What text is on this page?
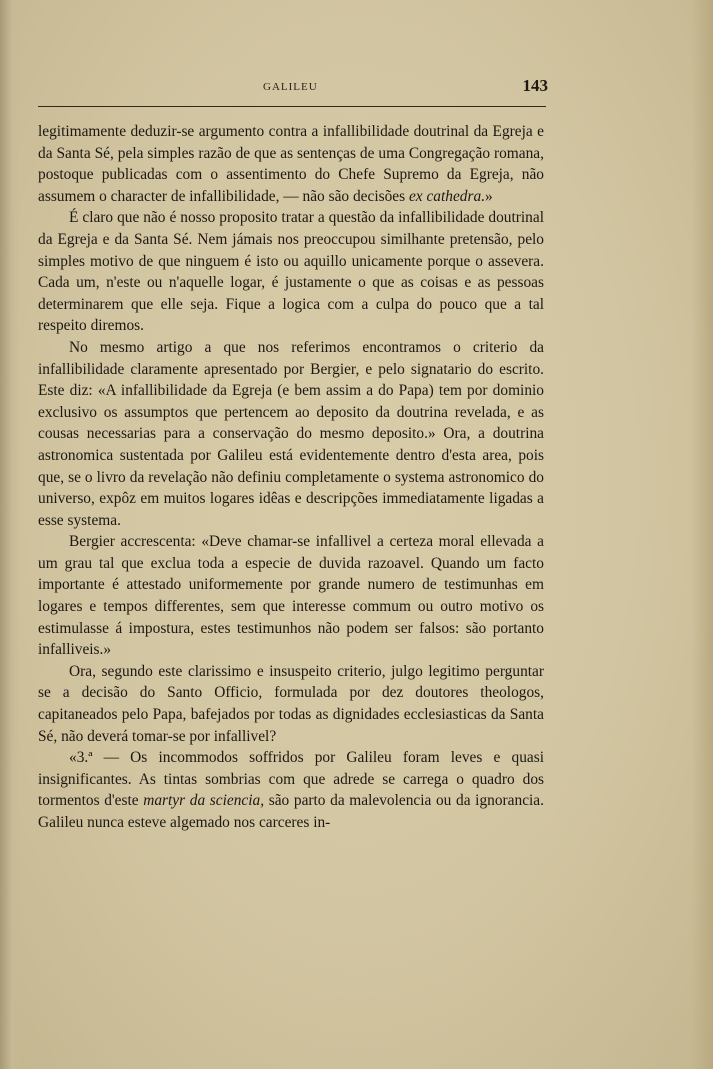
GALILEU	143

legitimamente deduzir-se argumento contra a infallibilidade doutrinal da Egreja e da Santa Sé, pela simples razão de que as sentenças de uma Congregação romana, postoque publicadas com o assentimento do Chefe Supremo da Egreja, não assumem o character de infallibilidade, — não são decisões ex cathedra.»

É claro que não é nosso proposito tratar a questão da infallibilidade doutrinal da Egreja e da Santa Sé. Nem jámais nos preoccupou similhante pretensão, pelo simples motivo de que ninguem é isto ou aquillo unicamente porque o assevera. Cada um, n'este ou n'aquelle logar, é justamente o que as coisas e as pessoas determinarem que elle seja. Fique a logica com a culpa do pouco que a tal respeito diremos.

No mesmo artigo a que nos referimos encontramos o criterio da infallibilidade claramente apresentado por Bergier, e pelo signatario do escrito. Este diz: «A infallibilidade da Egreja (e bem assim a do Papa) tem por dominio exclusivo os assumptos que pertencem ao deposito da doutrina revelada, e as cousas necessarias para a conservação do mesmo deposito.» Ora, a doutrina astronomica sustentada por Galileu está evidentemente dentro d'esta area, pois que, se o livro da revelação não definiu completamente o systema astronomico do universo, expôz em muitos logares idêas e descripções immediatamente ligadas a esse systema.

Bergier accrescenta: «Deve chamar-se infallivel a certeza moral ellevada a um grau tal que exclua toda a especie de duvida razoavel. Quando um facto importante é attestado uniformemente por grande numero de testimunhas em logares e tempos differentes, sem que interesse commum ou outro motivo os estimulasse á impostura, estes testimunhos não podem ser falsos: são portanto infalliveis.»

Ora, segundo este clarissimo e insuspeito criterio, julgo legitimo perguntar se a decisão do Santo Officio, formulada por dez doutores theologos, capitaneados pelo Papa, bafejados por todas as dignidades ecclesiasticas da Santa Sé, não deverá tomar-se por infallivel?

«3.ª — Os incommodos soffridos por Galileu foram leves e quasi insignificantes. As tintas sombrias com que adrede se carrega o quadro dos tormentos d'este martyr da sciencia, são parto da malevolencia ou da ignorancia. Galileu nunca esteve algemado nos carceres in-
